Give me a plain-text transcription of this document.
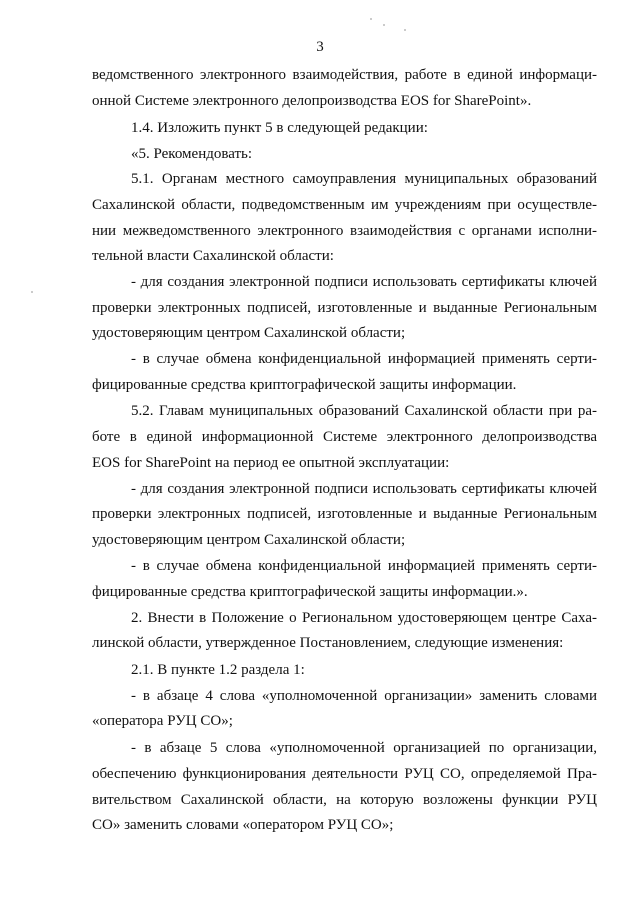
3
ведомственного электронного взаимодействия, работе в единой информаци-
онной Системе электронного делопроизводства EOS for SharePoint».
1.4. Изложить пункт 5 в следующей редакции:
«5. Рекомендовать:
5.1. Органам местного самоуправления муниципальных образований
Сахалинской области, подведомственным им учреждениям при осуществле-
нии межведомственного электронного взаимодействия с органами исполни-
тельной власти Сахалинской области:
- для создания электронной подписи использовать сертификаты ключей
проверки электронных подписей, изготовленные и выданные Региональным
удостоверяющим центром Сахалинской области;
- в случае обмена конфиденциальной информацией применять серти-
фицированные средства криптографической защиты информации.
5.2. Главам муниципальных образований Сахалинской области при ра-
боте в единой информационной Системе электронного делопроизводства
EOS for SharePoint на период ее опытной эксплуатации:
- для создания электронной подписи использовать сертификаты ключей
проверки электронных подписей, изготовленные и выданные Региональным
удостоверяющим центром Сахалинской области;
- в случае обмена конфиденциальной информацией применять серти-
фицированные средства криптографической защиты информации.».
2. Внести в Положение о Региональном удостоверяющем центре Саха-
линской области, утвержденное Постановлением, следующие изменения:
2.1. В пункте 1.2 раздела 1:
- в абзаце 4 слова «уполномоченной организации» заменить словами
«оператора РУЦ СО»;
- в абзаце 5 слова «уполномоченной организацией по организации,
обеспечению функционирования деятельности РУЦ СО, определяемой Пра-
вительством Сахалинской области, на которую возложены функции РУЦ
СО» заменить словами «оператором РУЦ СО»;
